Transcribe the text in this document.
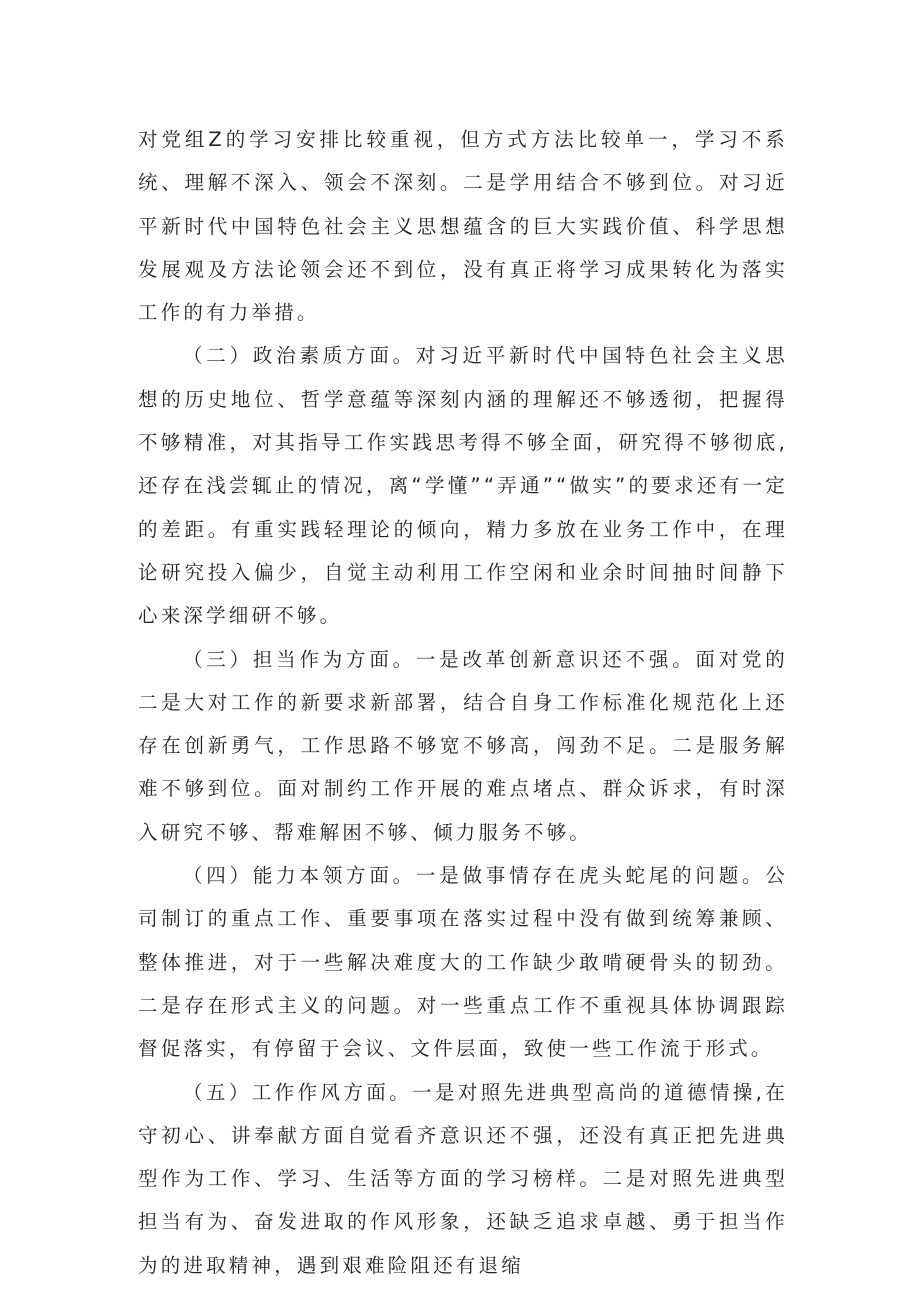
对党组Z的学习安排比较重视，但方式方法比较单一，学习不系统、理解不深入、领会不深刻。二是学用结合不够到位。对习近平新时代中国特色社会主义思想蕴含的巨大实践价值、科学思想发展观及方法论领会还不到位，没有真正将学习成果转化为落实工作的有力举措。

（二）政治素质方面。对习近平新时代中国特色社会主义思想的历史地位、哲学意蕴等深刻内涵的理解还不够透彻，把握得不够精准，对其指导工作实践思考得不够全面，研究得不够彻底,还存在浅尝辄止的情况，离“学懂”“弄通”“做实”的要求还有一定的差距。有重实践轻理论的倾向，精力多放在业务工作中，在理论研究投入偏少，自觉主动利用工作空闲和业余时间抽时间静下心来深学细研不够。

（三）担当作为方面。一是改革创新意识还不强。面对党的二是大对工作的新要求新部署，结合自身工作标准化规范化上还存在创新勇气，工作思路不够宽不够高，闯劲不足。二是服务解难不够到位。面对制约工作开展的难点堵点、群众诉求，有时深入研究不够、帮难解困不够、倾力服务不够。

（四）能力本领方面。一是做事情存在虎头蛇尾的问题。公司制订的重点工作、重要事项在落实过程中没有做到统筹兼顾、整体推进，对于一些解决难度大的工作缺少敢啃硬骨头的韧劲。二是存在形式主义的问题。对一些重点工作不重视具体协调跟踪督促落实，有停留于会议、文件层面，致使一些工作流于形式。

（五）工作作风方面。一是对照先进典型高尚的道德情操,在守初心、讲奉献方面自觉看齐意识还不强，还没有真正把先进典型作为工作、学习、生活等方面的学习榜样。二是对照先进典型担当有为、奋发进取的作风形象，还缺乏追求卓越、勇于担当作为的进取精神，遇到艰难险阻还有退缩
